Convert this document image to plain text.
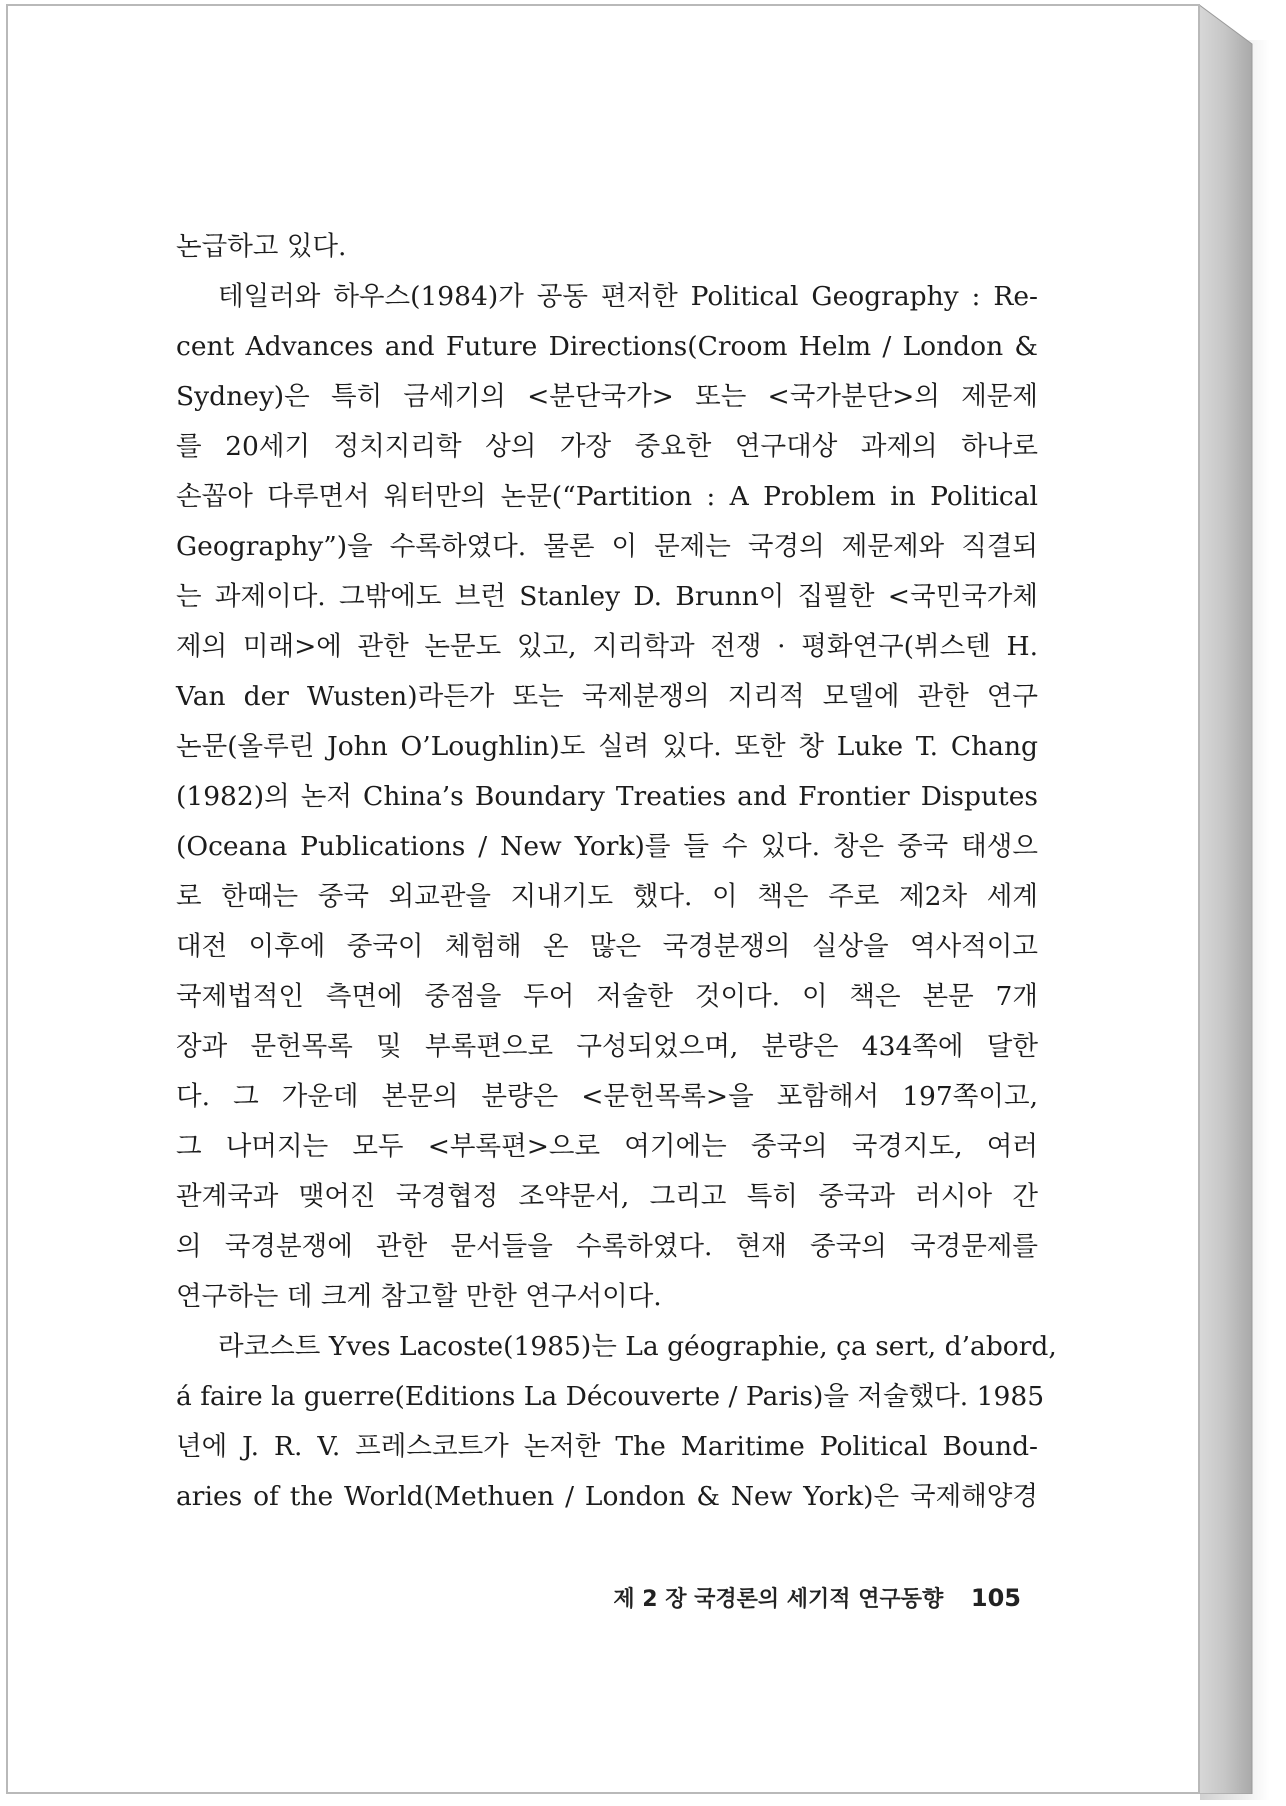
논급하고 있다.
테일러와 하우스(1984)가 공동 편저한 Political Geography : Re-
cent Advances and Future Directions(Croom Helm / London &
Sydney)은 특히 금세기의 <분단국가> 또는 <국가분단>의 제문제
를 20세기 정치지리학 상의 가장 중요한 연구대상 과제의 하나로
손꼽아 다루면서 워터만의 논문(“Partition : A Problem in Political
Geography”)을 수록하였다. 물론 이 문제는 국경의 제문제와 직결되
는 과제이다. 그밖에도 브런 Stanley D. Brunn이 집필한 <국민국가체
제의 미래>에 관한 논문도 있고, 지리학과 전쟁 · 평화연구(뷔스텐 H.
Van der Wusten)라든가 또는 국제분쟁의 지리적 모델에 관한 연구
논문(올루린 John O’Loughlin)도 실려 있다. 또한 창 Luke T. Chang
(1982)의 논저 China’s Boundary Treaties and Frontier Disputes
(Oceana Publications / New York)를 들 수 있다. 창은 중국 태생으
로 한때는 중국 외교관을 지내기도 했다. 이 책은 주로 제2차 세계
대전 이후에 중국이 체험해 온 많은 국경분쟁의 실상을 역사적이고
국제법적인 측면에 중점을 두어 저술한 것이다. 이 책은 본문 7개
장과 문헌목록 및 부록편으로 구성되었으며, 분량은 434쪽에 달한
다. 그 가운데 본문의 분량은 <문헌목록>을 포함해서 197쪽이고,
그 나머지는 모두 <부록편>으로 여기에는 중국의 국경지도, 여러
관계국과 맺어진 국경협정 조약문서, 그리고 특히 중국과 러시아 간
의 국경분쟁에 관한 문서들을 수록하였다. 현재 중국의 국경문제를
연구하는 데 크게 참고할 만한 연구서이다.
라코스트 Yves Lacoste(1985)는 La géographie, ça sert, d’abord,
á faire la guerre(Editions La Découverte / Paris)을 저술했다. 1985
년에 J. R. V. 프레스코트가 논저한 The Maritime Political Bound-
aries of the World(Methuen / London & New York)은 국제해양경
제 2 장 국경론의 세기적 연구동향 105
